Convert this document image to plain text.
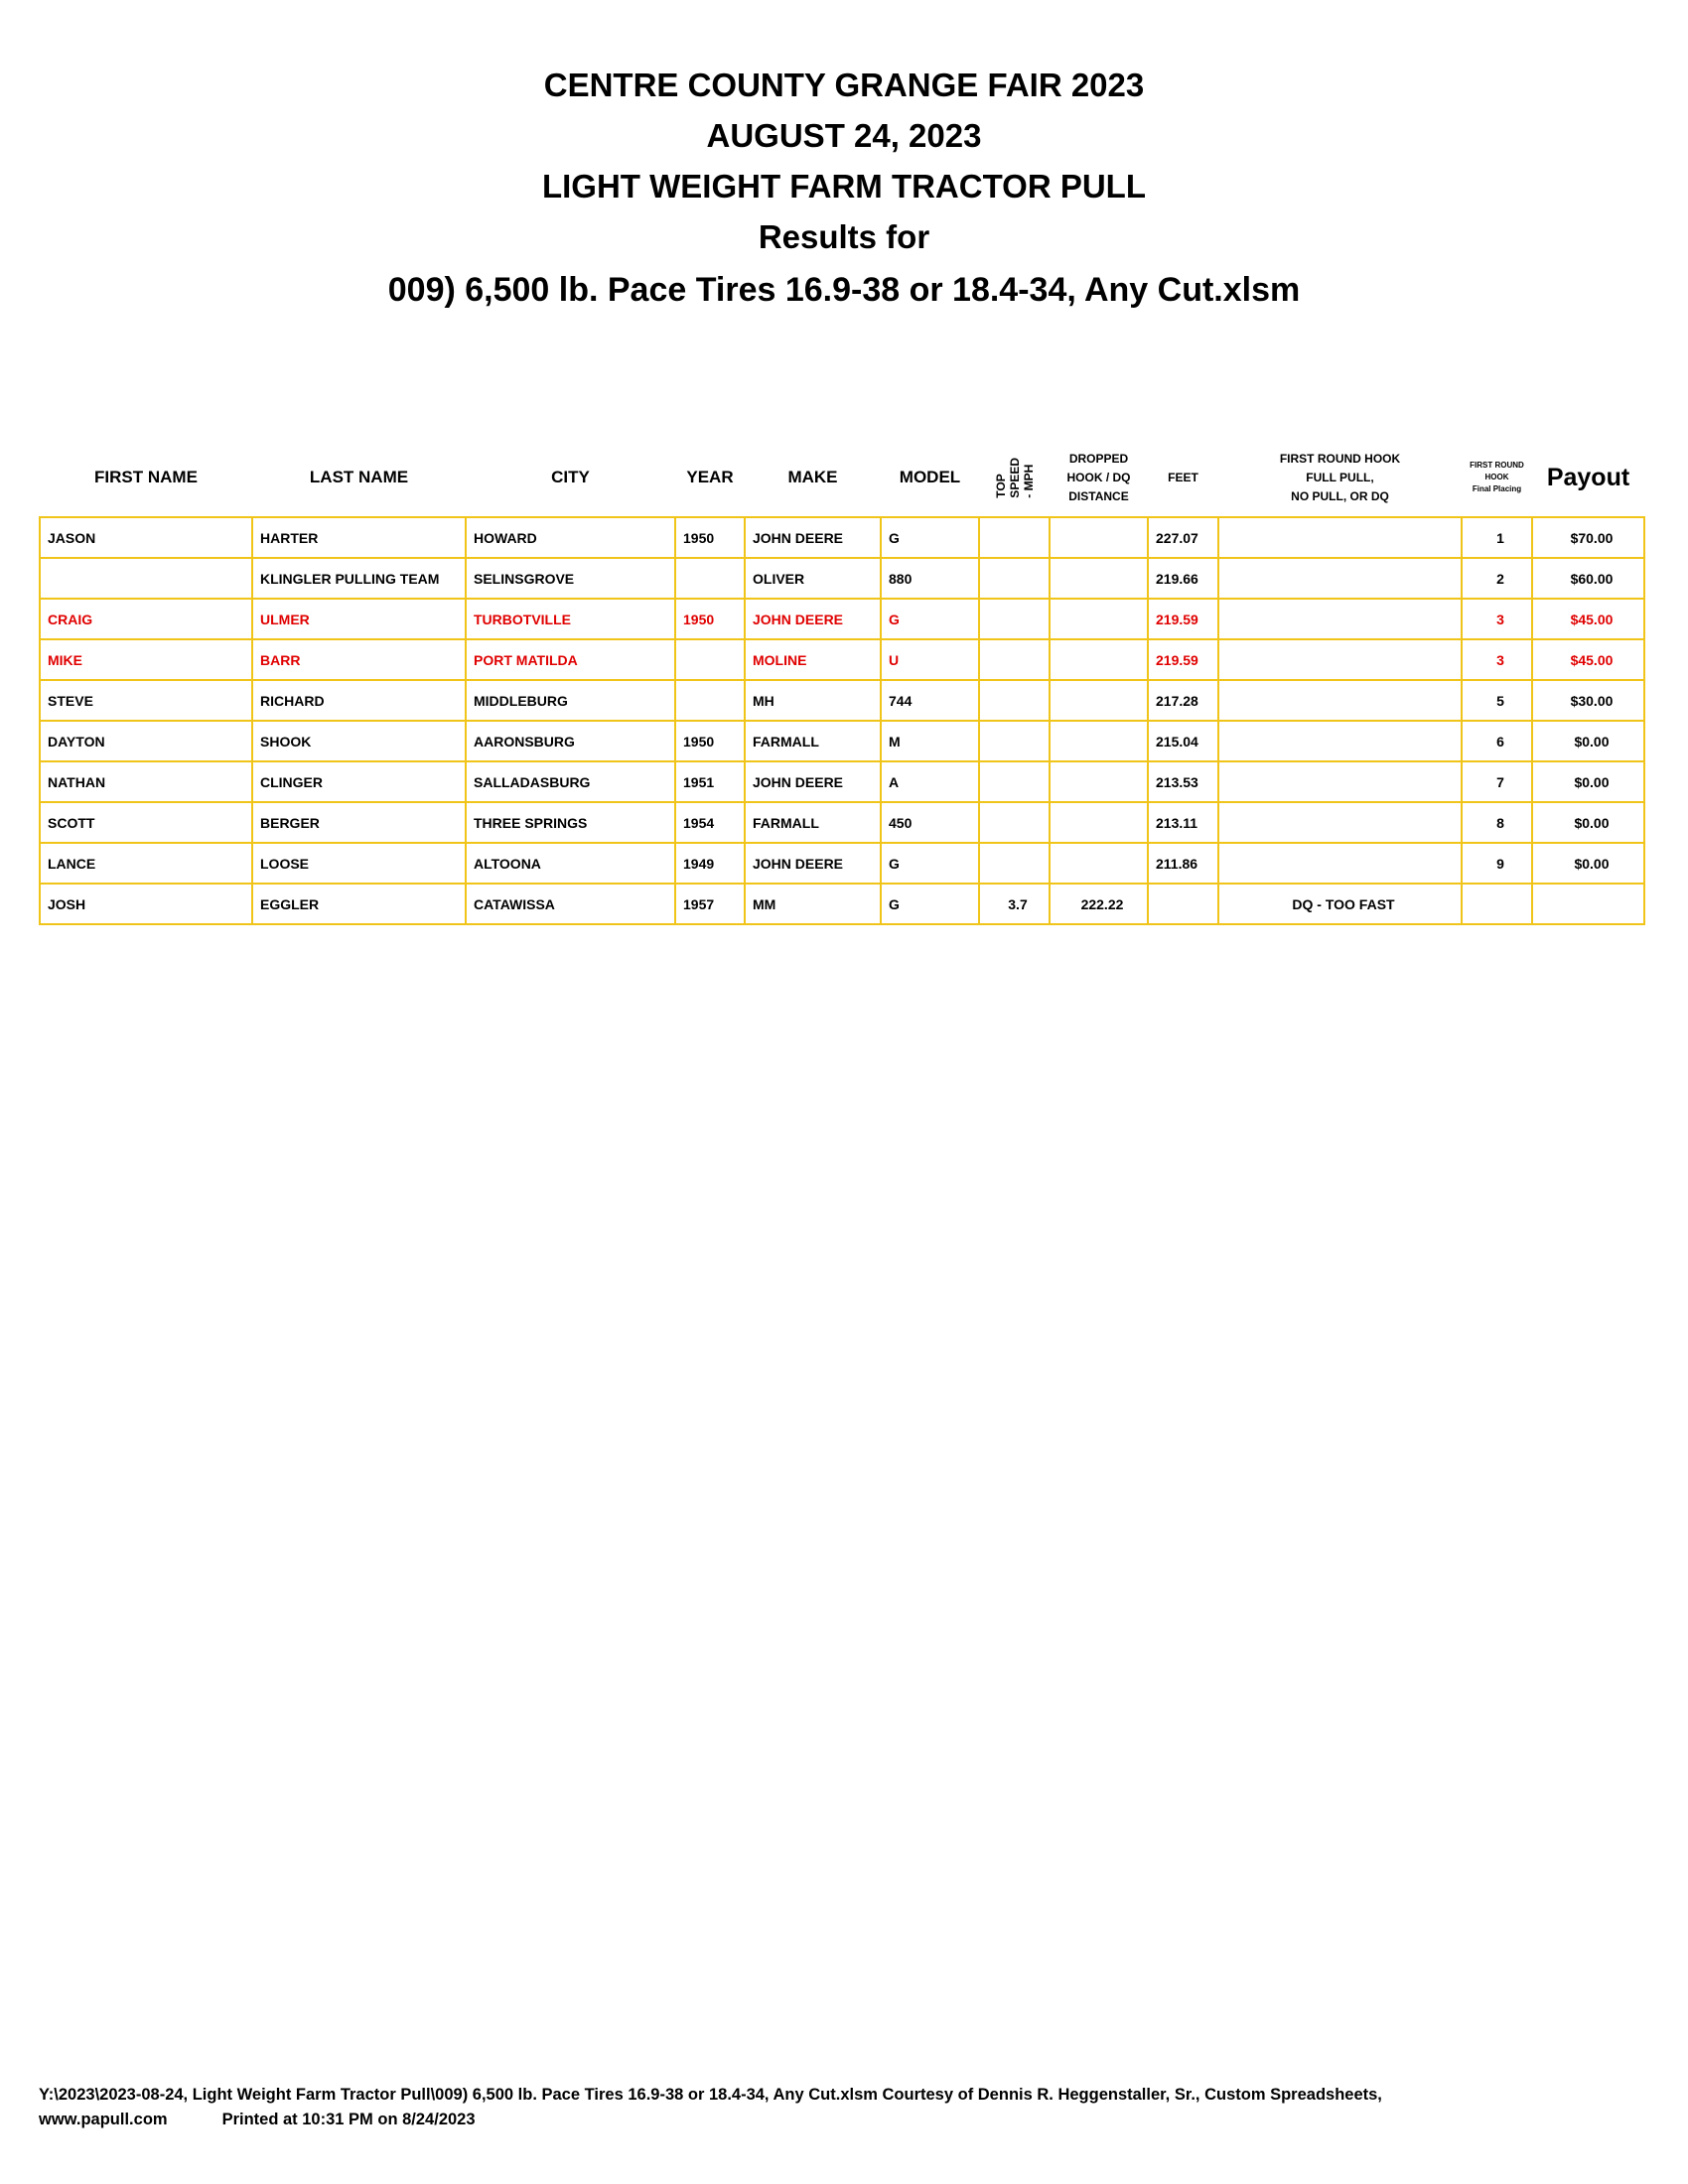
CENTRE COUNTY GRANGE FAIR 2023
AUGUST 24, 2023
LIGHT WEIGHT FARM TRACTOR PULL
Results for
009) 6,500 lb. Pace Tires 16.9-38 or 18.4-34, Any Cut.xlsm
FIRST NAME	LAST NAME	CITY	YEAR	MAKE	MODEL	TOP
SPEED
- MPH	DROPPED
HOOK / DQ
DISTANCE	FEET	FIRST ROUND HOOK
FULL PULL,
NO PULL, OR DQ	FIRST ROUND
HOOK
Final Placing	Payout
JASON	HARTER	HOWARD	1950	JOHN DEERE	G			227.07		1	$70.00
	KLINGLER PULLING TEAM	SELINSGROVE		OLIVER	880			219.66		2	$60.00
CRAIG	ULMER	TURBOTVILLE	1950	JOHN DEERE	G			219.59		3	$45.00
MIKE	BARR	PORT MATILDA		MOLINE	U			219.59		3	$45.00
STEVE	RICHARD	MIDDLEBURG		MH	744			217.28		5	$30.00
DAYTON	SHOOK	AARONSBURG	1950	FARMALL	M			215.04		6	$0.00
NATHAN	CLINGER	SALLADASBURG	1951	JOHN DEERE	A			213.53		7	$0.00
SCOTT	BERGER	THREE SPRINGS	1954	FARMALL	450			213.11		8	$0.00
LANCE	LOOSE	ALTOONA	1949	JOHN DEERE	G			211.86		9	$0.00
JOSH	EGGLER	CATAWISSA	1957	MM	G	3.7	222.22		DQ - TOO FAST		
Y:\2023\2023-08-24, Light Weight Farm Tractor Pull\009) 6,500 lb. Pace Tires 16.9-38 or 18.4-34, Any Cut.xlsm Courtesy of Dennis R. Heggenstaller, Sr., Custom Spreadsheets,
www.papull.com	Printed at 10:31 PM on 8/24/2023
